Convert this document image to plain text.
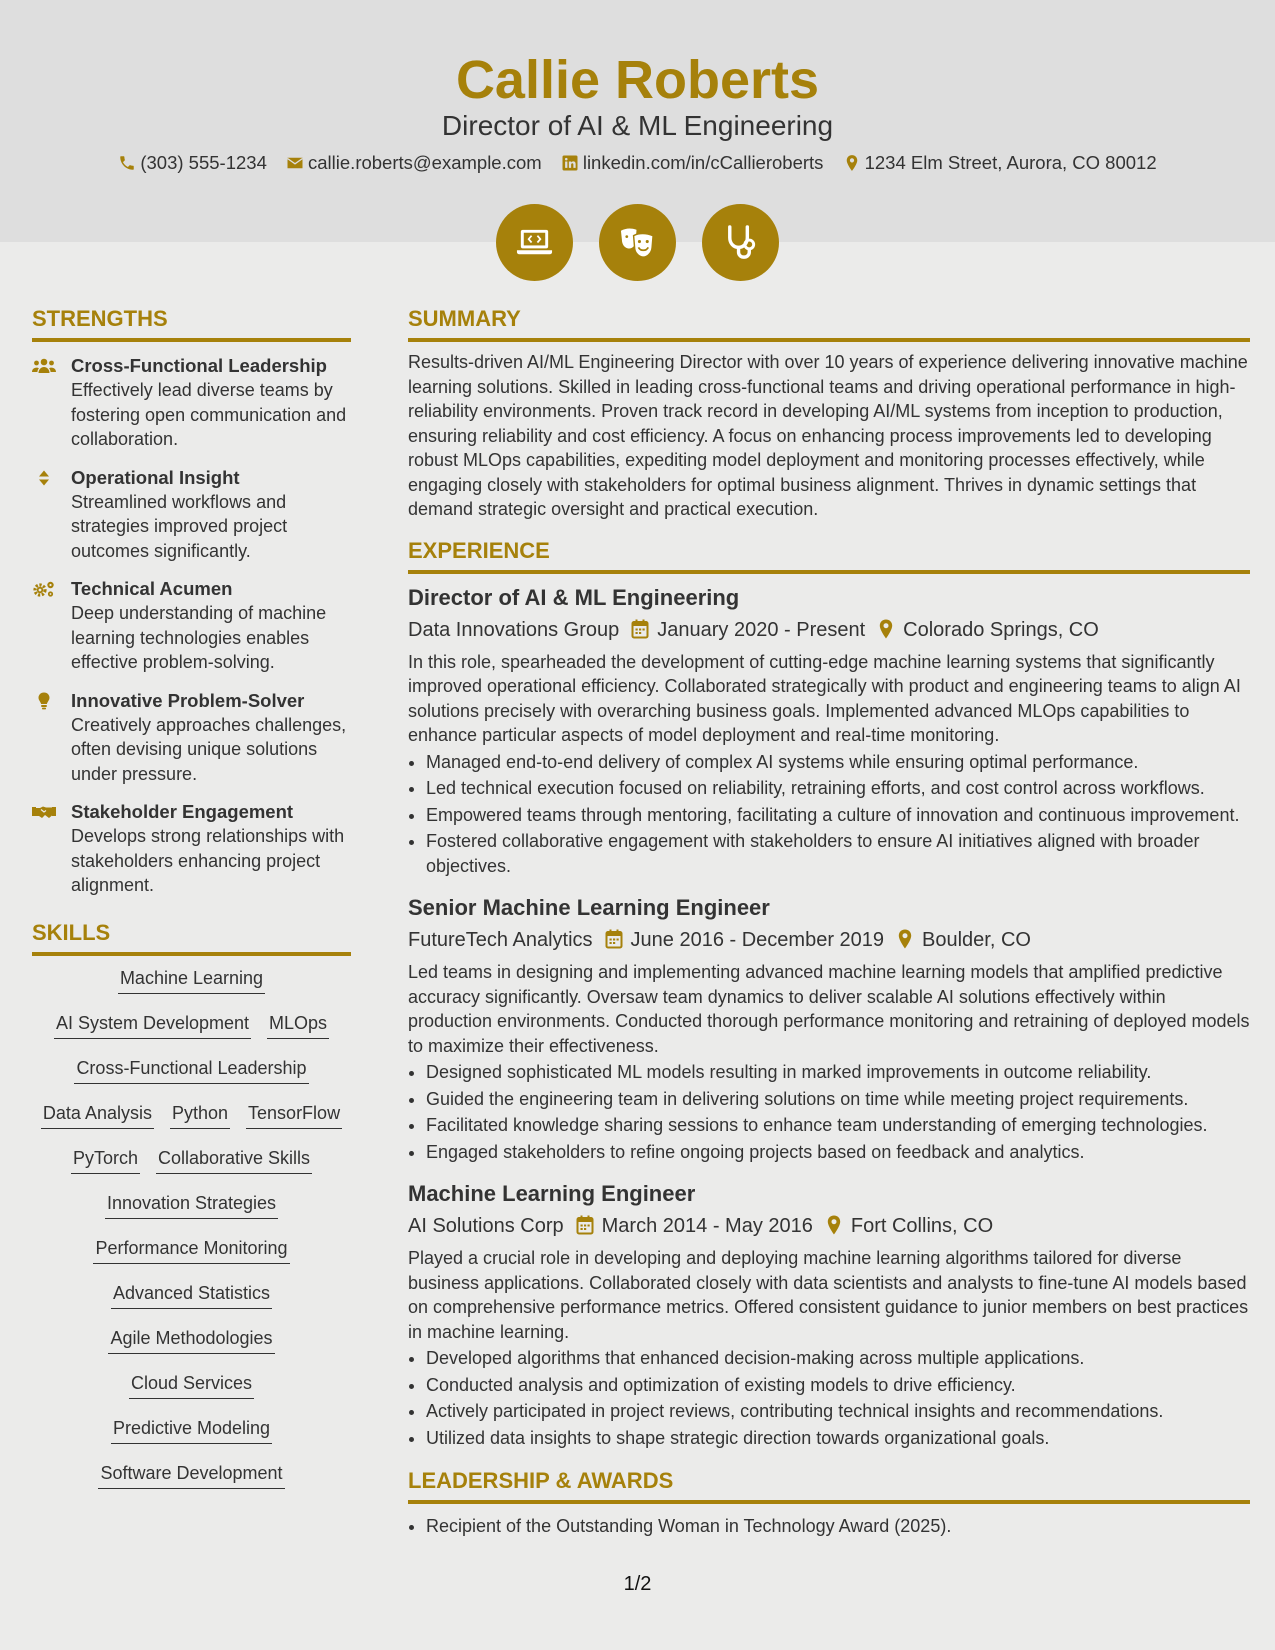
Callie Roberts
Director of AI & ML Engineering
(303) 555-1234 callie.roberts@example.com linkedin.com/in/cCallieroberts 1234 Elm Street, Aurora, CO 80012

STRENGTHS
Cross-Functional Leadership
Effectively lead diverse teams by fostering open communication and collaboration.
Operational Insight
Streamlined workflows and strategies improved project outcomes significantly.
Technical Acumen
Deep understanding of machine learning technologies enables effective problem-solving.
Innovative Problem-Solver
Creatively approaches challenges, often devising unique solutions under pressure.
Stakeholder Engagement
Develops strong relationships with stakeholders enhancing project alignment.
SKILLS
Machine Learning
AI System Development MLOps
Cross-Functional Leadership
Data Analysis Python TensorFlow
PyTorch Collaborative Skills
Innovation Strategies
Performance Monitoring
Advanced Statistics
Agile Methodologies
Cloud Services
Predictive Modeling
Software Development
SUMMARY

Results-driven AI/ML Engineering Director with over 10 years of experience delivering innovative machine learning solutions. Skilled in leading cross-functional teams and driving operational performance in high-reliability environments. Proven track record in developing AI/ML systems from inception to production, ensuring reliability and cost efficiency. A focus on enhancing process improvements led to developing robust MLOps capabilities, expediting model deployment and monitoring processes effectively, while engaging closely with stakeholders for optimal business alignment. Thrives in dynamic settings that demand strategic oversight and practical execution.

EXPERIENCE
Director of AI & ML Engineering
Data Innovations Group January 2020 - Present Colorado Springs, CO
In this role, spearheaded the development of cutting-edge machine learning systems that significantly improved operational efficiency. Collaborated strategically with product and engineering teams to align AI solutions precisely with overarching business goals. Implemented advanced MLOps capabilities to enhance particular aspects of model deployment and real-time monitoring.
• Managed end-to-end delivery of complex AI systems while ensuring optimal performance.
• Led technical execution focused on reliability, retraining efforts, and cost control across workflows.
• Empowered teams through mentoring, facilitating a culture of innovation and continuous improvement.
• Fostered collaborative engagement with stakeholders to ensure AI initiatives aligned with broader objectives.
Senior Machine Learning Engineer
FutureTech Analytics June 2016 - December 2019 Boulder, CO
Led teams in designing and implementing advanced machine learning models that amplified predictive accuracy significantly. Oversaw team dynamics to deliver scalable AI solutions effectively within production environments. Conducted thorough performance monitoring and retraining of deployed models to maximize their effectiveness.
• Designed sophisticated ML models resulting in marked improvements in outcome reliability.
• Guided the engineering team in delivering solutions on time while meeting project requirements.
• Facilitated knowledge sharing sessions to enhance team understanding of emerging technologies.
• Engaged stakeholders to refine ongoing projects based on feedback and analytics.
Machine Learning Engineer
AI Solutions Corp March 2014 - May 2016 Fort Collins, CO
Played a crucial role in developing and deploying machine learning algorithms tailored for diverse business applications. Collaborated closely with data scientists and analysts to fine-tune AI models based on comprehensive performance metrics. Offered consistent guidance to junior members on best practices in machine learning.
• Developed algorithms that enhanced decision-making across multiple applications.
• Conducted analysis and optimization of existing models to drive efficiency.
• Actively participated in project reviews, contributing technical insights and recommendations.
• Utilized data insights to shape strategic direction towards organizational goals.
LEADERSHIP & AWARDS
• Recipient of the Outstanding Woman in Technology Award (2025).
1/2
